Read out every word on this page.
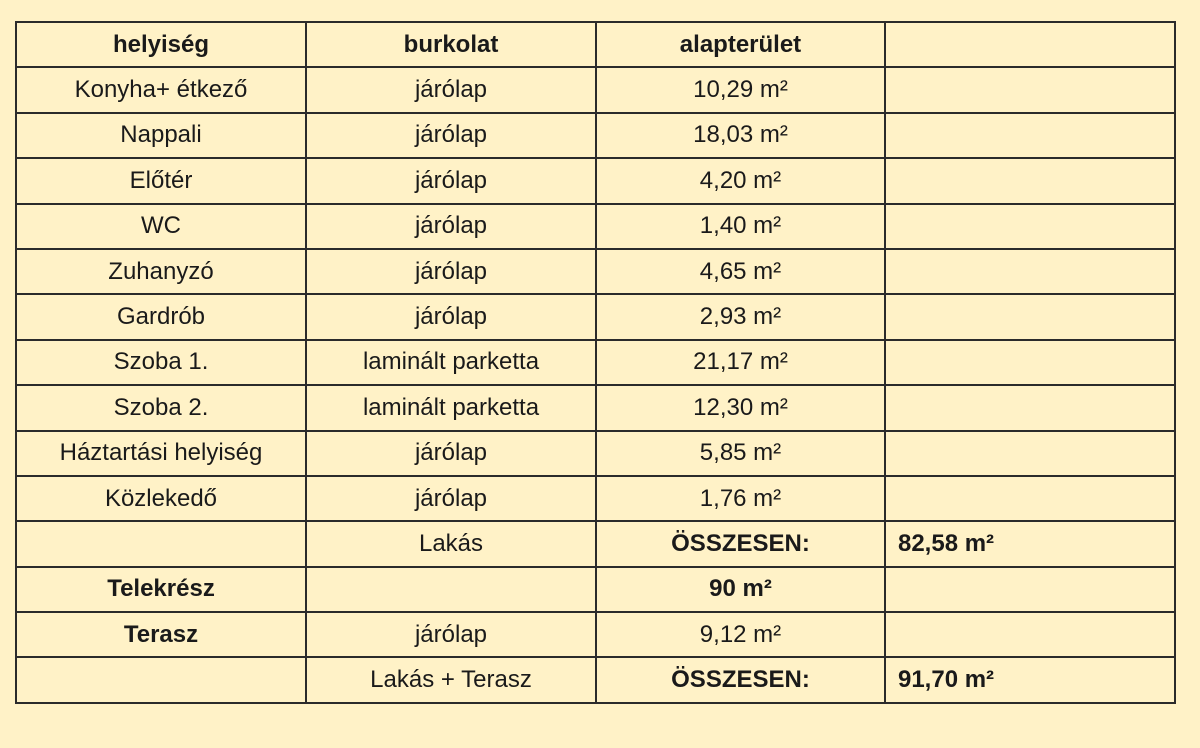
helyiség	burkolat	alapterület	
Konyha+ étkező	járólap	10,29 m²	
Nappali	járólap	18,03 m²	
Előtér	járólap	4,20 m²	
WC	járólap	1,40 m²	
Zuhanyzó	járólap	4,65 m²	
Gardrób	járólap	2,93 m²	
Szoba 1.	laminált parketta	21,17 m²	
Szoba 2.	laminált parketta	12,30 m²	
Háztartási helyiség	járólap	5,85 m²	
Közlekedő	járólap	1,76 m²	
	Lakás	ÖSSZESEN:	82,58 m²
Telekrész		90 m²	
Terasz	járólap	9,12 m²	
	Lakás + Terasz	ÖSSZESEN:	91,70 m²
